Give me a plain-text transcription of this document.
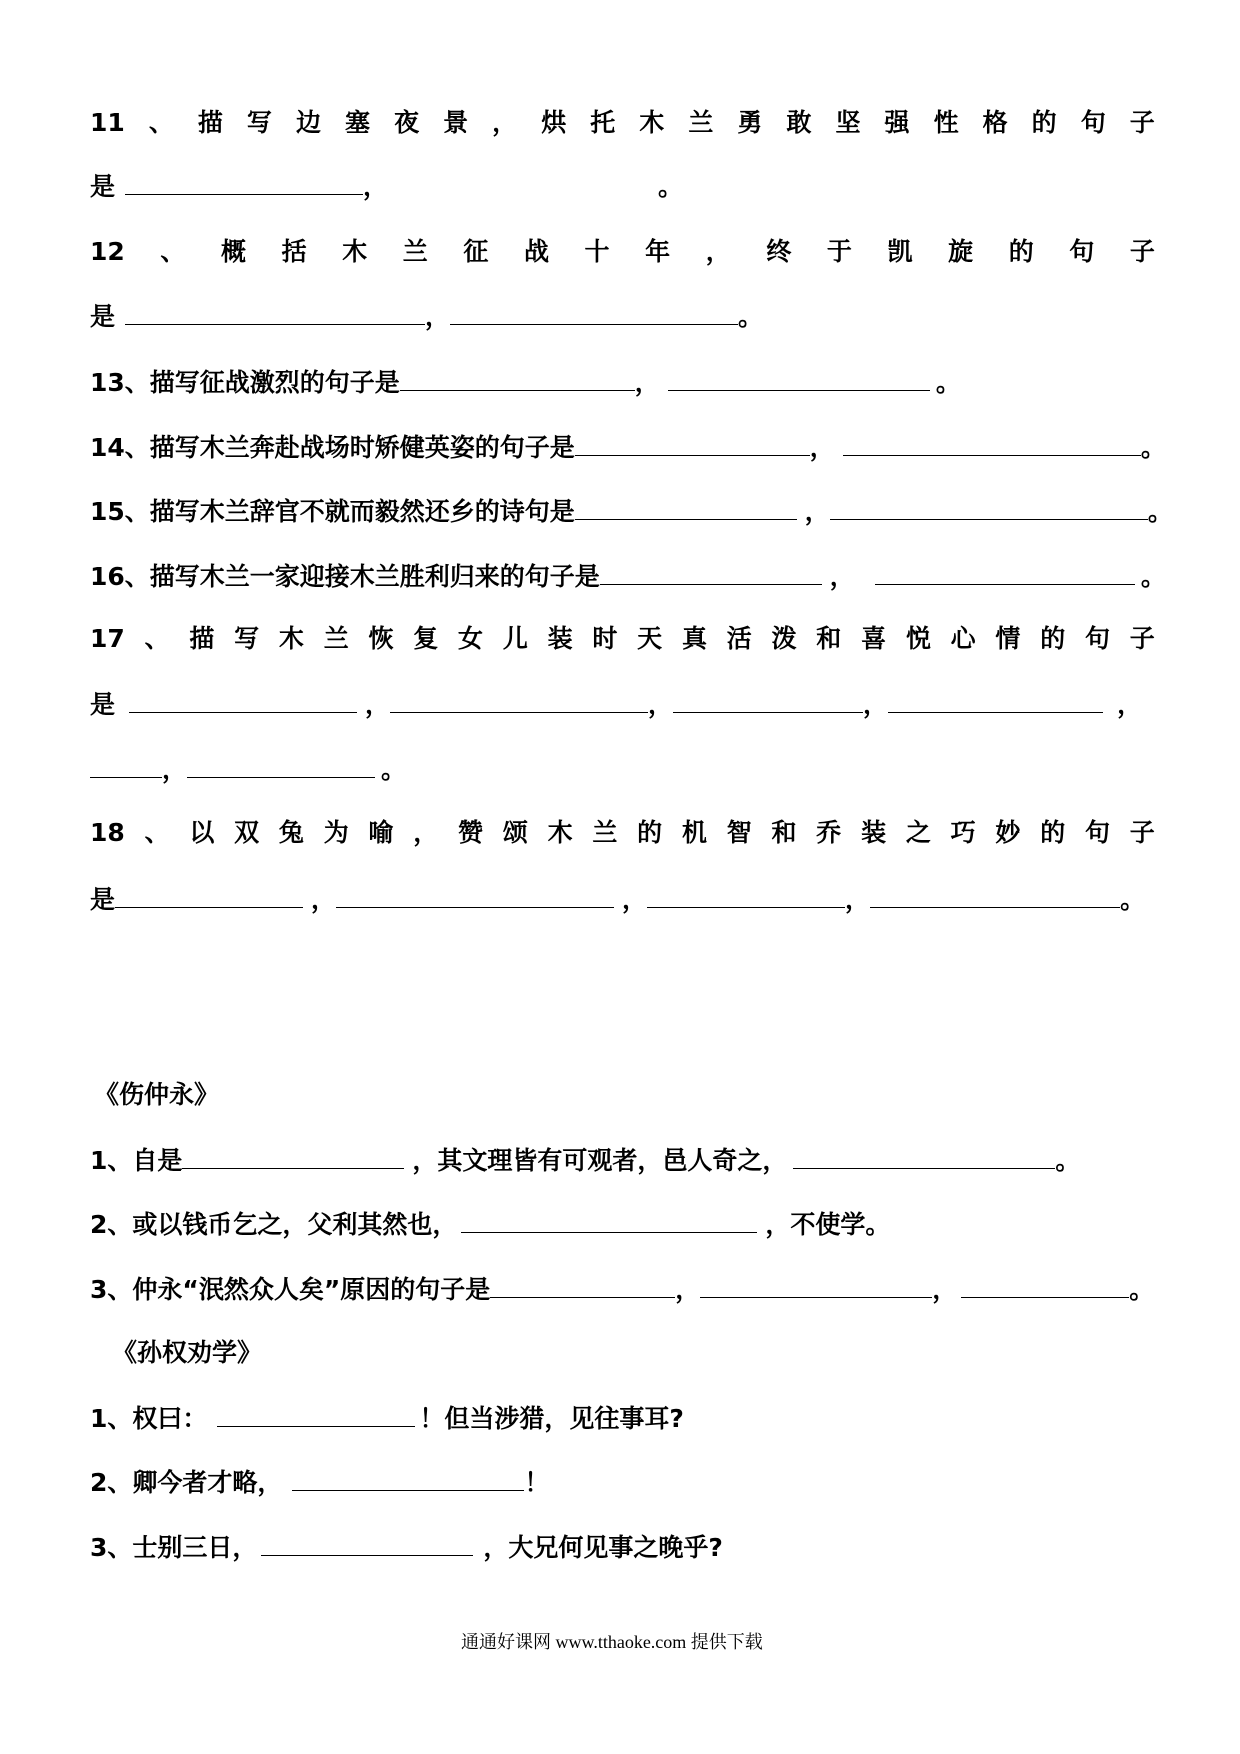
11 、 描 写 边 塞 夜 景 ， 烘 托 木 兰 勇 敢 坚 强 性 格 的 句 子
是	，	。
12 、 概 括 木 兰 征 战 十 年 ， 终 于 凯 旋 的 句 子
是	，	。
13、描写征战激烈的句子是	，	。
14、描写木兰奔赴战场时矫健英姿的句子是	，	。
15、描写木兰辞官不就而毅然还乡的诗句是	，	。
16、描写木兰一家迎接木兰胜利归来的句子是	，	。
17 、 描 写 木 兰 恢 复 女 儿 装 时 天 真 活 泼 和 喜 悦 心 情 的 句 子
是	，	，	，	，
，	。
18 、 以 双 兔 为 喻 ， 赞 颂 木 兰 的 机 智 和 乔 装 之 巧 妙 的 句 子
是	，	，	，	。
《伤仲永》
1、自是	，其文理皆有可观者，邑人奇之，	。
2、或以钱币乞之，父利其然也，	，不使学。
3、仲永“泯然众人矣”原因的句子是	，	，	。
《孙权劝学》
1、权曰：	！但当涉猎，见往事耳?
2、卿今者才略，	！
3、士别三日，	，大兄何见事之晚乎?
通通好课网 www.tthaoke.com 提供下载
